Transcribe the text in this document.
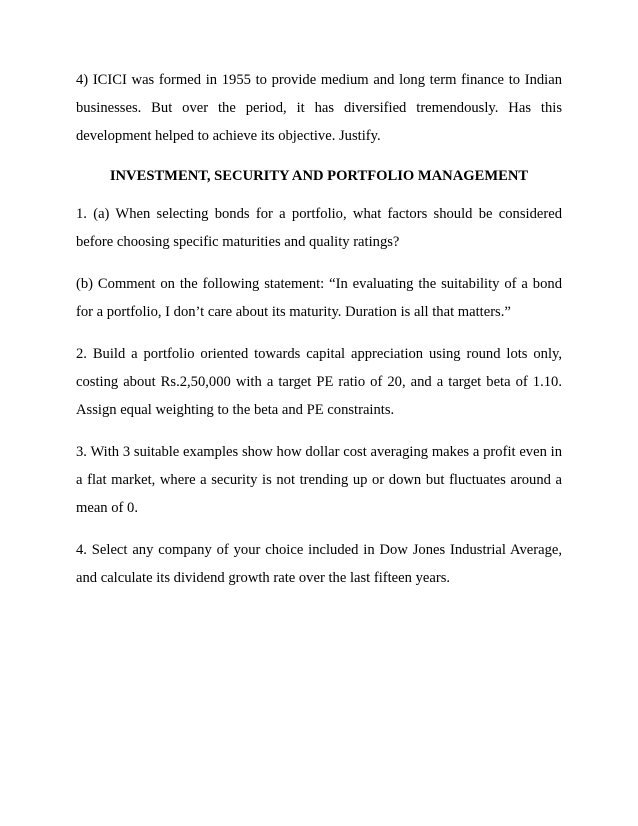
4) ICICI was formed in 1955 to provide medium and long term finance to Indian businesses. But over the period, it has diversified tremendously. Has this development helped to achieve its objective. Justify.

INVESTMENT, SECURITY AND PORTFOLIO MANAGEMENT

1. (a) When selecting bonds for a portfolio, what factors should be considered before choosing specific maturities and quality ratings?

(b) Comment on the following statement: “In evaluating the suitability of a bond for a portfolio, I don’t care about its maturity. Duration is all that matters.”

2. Build a portfolio oriented towards capital appreciation using round lots only, costing about Rs.2,50,000 with a target PE ratio of 20, and a target beta of 1.10. Assign equal weighting to the beta and PE constraints.

3. With 3 suitable examples show how dollar cost averaging makes a profit even in a flat market, where a security is not trending up or down but fluctuates around a mean of 0.

4. Select any company of your choice included in Dow Jones Industrial Average, and calculate its dividend growth rate over the last fifteen years.
